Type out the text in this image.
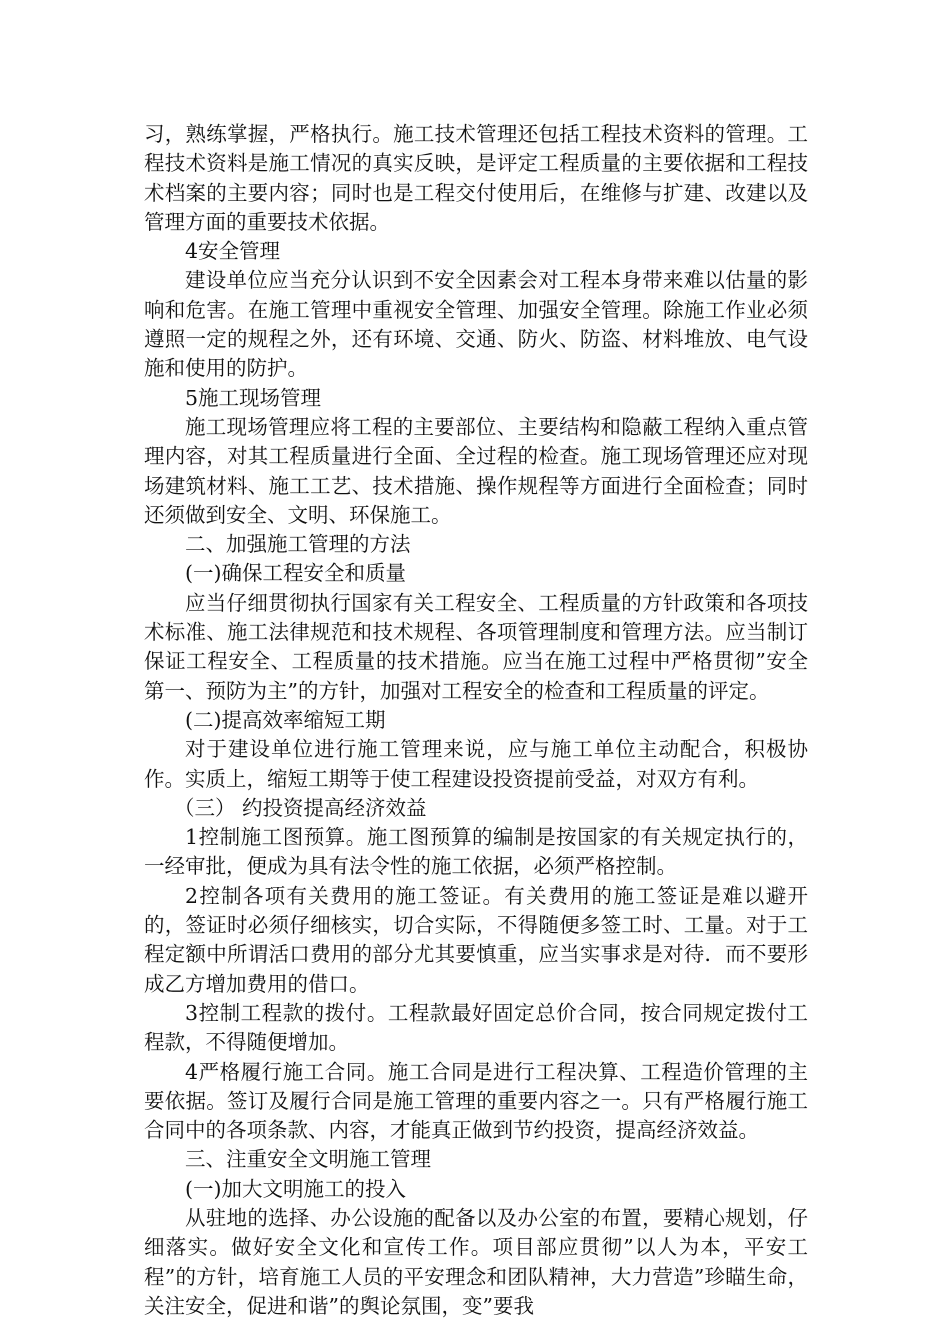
习，熟练掌握，严格执行。施工技术管理还包括工程技术资料的管理。工程技术资料是施工情况的真实反映，是评定工程质量的主要依据和工程技术档案的主要内容；同时也是工程交付使用后，在维修与扩建、改建以及管理方面的重要技术依据。

4安全管理

建设单位应当充分认识到不安全因素会对工程本身带来难以估量的影响和危害。在施工管理中重视安全管理、加强安全管理。除施工作业必须遵照一定的规程之外，还有环境、交通、防火、防盗、材料堆放、电气设施和使用的防护。

5施工现场管理

施工现场管理应将工程的主要部位、主要结构和隐蔽工程纳入重点管理内容，对其工程质量进行全面、全过程的检查。施工现场管理还应对现场建筑材料、施工工艺、技术措施、操作规程等方面进行全面检查；同时还须做到安全、文明、环保施工。

二、加强施工管理的方法

(一)确保工程安全和质量

应当仔细贯彻执行国家有关工程安全、工程质量的方针政策和各项技术标准、施工法律规范和技术规程、各项管理制度和管理方法。应当制订保证工程安全、工程质量的技术措施。应当在施工过程中严格贯彻”安全第一、预防为主”的方针，加强对工程安全的检查和工程质量的评定。

(二)提高效率缩短工期

对于建设单位进行施工管理来说，应与施工单位主动配合，积极协作。实质上，缩短工期等于使工程建设投资提前受益，对双方有利。

（三） 约投资提高经济效益

1控制施工图预算。施工图预算的编制是按国家的有关规定执行的，一经审批，便成为具有法令性的施工依据，必须严格控制。

2控制各项有关费用的施工签证。有关费用的施工签证是难以避开的，签证时必须仔细核实，切合实际，不得随便多签工时、工量。对于工程定额中所谓活口费用的部分尤其要慎重，应当实事求是对待．而不要形成乙方增加费用的借口。

3控制工程款的拨付。工程款最好固定总价合同，按合同规定拨付工程款，不得随便增加。

4严格履行施工合同。施工合同是进行工程决算、工程造价管理的主要依据。签订及履行合同是施工管理的重要内容之一。只有严格履行施工合同中的各项条款、内容，才能真正做到节约投资，提高经济效益。

三、注重安全文明施工管理

(一)加大文明施工的投入

从驻地的选择、办公设施的配备以及办公室的布置，要精心规划，仔细落实。做好安全文化和宣传工作。项目部应贯彻”以人为本，平安工程”的方针，培育施工人员的平安理念和团队精神，大力营造”珍瞄生命，关注安全，促进和谐”的舆论氛围，变”要我
